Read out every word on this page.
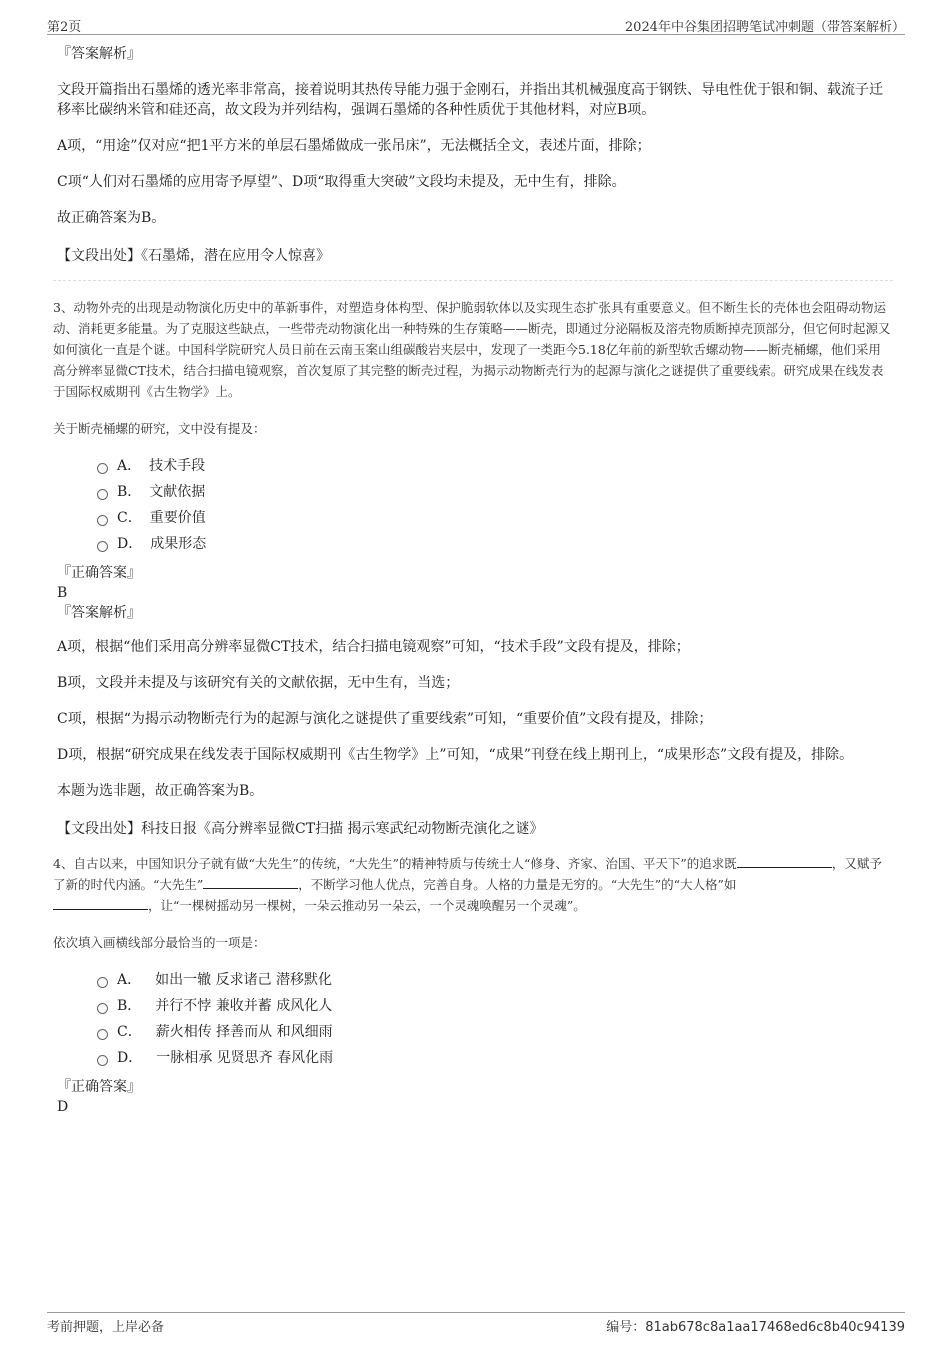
第2页	2024年中谷集团招聘笔试冲刺题（带答案解析）

『答案解析』

文段开篇指出石墨烯的透光率非常高，接着说明其热传导能力强于金刚石，并指出其机械强度高于钢铁、导电性优于银和铜、载流子迁移率比碳纳米管和硅还高，故文段为并列结构，强调石墨烯的各种性质优于其他材料，对应B项。

A项，“用途”仅对应“把1平方米的单层石墨烯做成一张吊床”，无法概括全文，表述片面，排除；

C项“人们对石墨烯的应用寄予厚望”、D项“取得重大突破”文段均未提及，无中生有，排除。

故正确答案为B。

【文段出处】《石墨烯，潜在应用令人惊喜》

3、动物外壳的出现是动物演化历史中的革新事件，对塑造身体构型、保护脆弱软体以及实现生态扩张具有重要意义。但不断生长的壳体也会阻碍动物运动、消耗更多能量。为了克服这些缺点，一些带壳动物演化出一种特殊的生存策略——断壳，即通过分泌隔板及溶壳物质断掉壳顶部分，但它何时起源又如何演化一直是个谜。中国科学院研究人员日前在云南玉案山组碳酸岩夹层中，发现了一类距今5.18亿年前的新型软舌螺动物——断壳桶螺，他们采用高分辨率显微CT技术，结合扫描电镜观察，首次复原了其完整的断壳过程，为揭示动物断壳行为的起源与演化之谜提供了重要线索。研究成果在线发表于国际权威期刊《古生物学》上。

关于断壳桶螺的研究，文中没有提及：

A． 技术手段
B． 文献依据
C． 重要价值
D． 成果形态

『正确答案』

B

『答案解析』

A项，根据“他们采用高分辨率显微CT技术，结合扫描电镜观察”可知，“技术手段”文段有提及，排除；

B项，文段并未提及与该研究有关的文献依据，无中生有，当选；

C项，根据“为揭示动物断壳行为的起源与演化之谜提供了重要线索”可知，“重要价值”文段有提及，排除；

D项，根据“研究成果在线发表于国际权威期刊《古生物学》上”可知，“成果”刊登在线上期刊上，“成果形态”文段有提及，排除。

本题为选非题，故正确答案为B。

【文段出处】科技日报《高分辨率显微CT扫描 揭示寒武纪动物断壳演化之谜》

4、自古以来，中国知识分子就有做“大先生”的传统，“大先生”的精神特质与传统士人“修身、齐家、治国、平天下”的追求既	，又赋予了新的时代内涵。“大先生”	，不断学习他人优点，完善自身。人格的力量是无穷的。“大先生”的“大人格”如
，让“一棵树摇动另一棵树，一朵云推动另一朵云，一个灵魂唤醒另一个灵魂”。

依次填入画横线部分最恰当的一项是：

A． 如出一辙 反求诸己 潜移默化
B． 并行不悖 兼收并蓄 成风化人
C． 薪火相传 择善而从 和风细雨
D． 一脉相承 见贤思齐 春风化雨

『正确答案』

D

考前押题，上岸必备	编号：81ab678c8a1aa17468ed6c8b40c94139
